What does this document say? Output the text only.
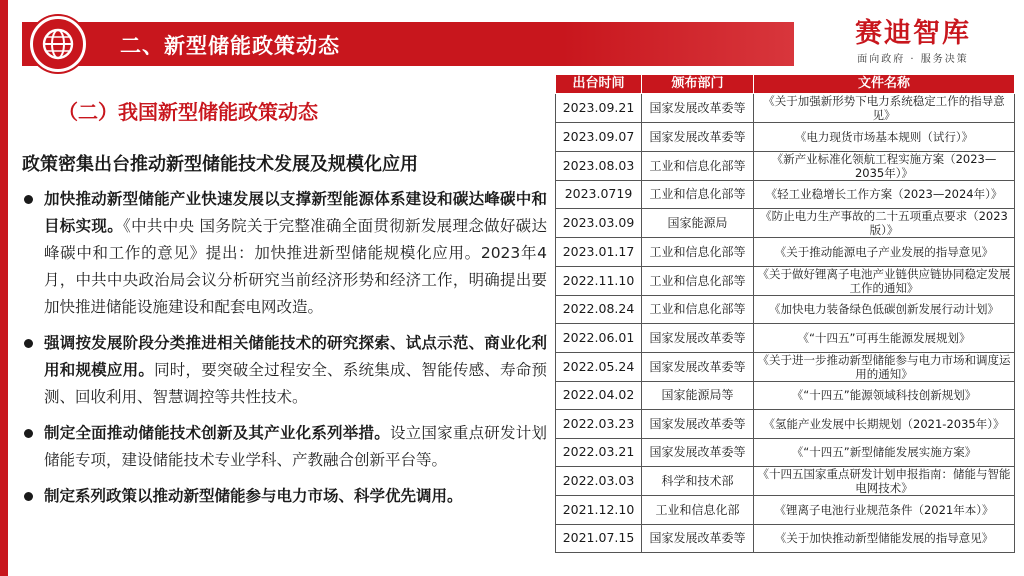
二、新型储能政策动态	赛迪智库
面向政府 · 服务决策
（二）我国新型储能政策动态
政策密集出台推动新型储能技术发展及规模化应用
加快推动新型储能产业快速发展以支撑新型能源体系建设和碳达峰碳中和目标实现。《中共中央 国务院关于完整准确全面贯彻新发展理念做好碳达峰碳中和工作的意见》提出：加快推进新型储能规模化应用。2023年4月，中共中央政治局会议分析研究当前经济形势和经济工作，明确提出要加快推进储能设施建设和配套电网改造。
强调按发展阶段分类推进相关储能技术的研究探索、试点示范、商业化利用和规模应用。同时，要突破全过程安全、系统集成、智能传感、寿命预测、回收利用、智慧调控等共性技术。
制定全面推动储能技术创新及其产业化系列举措。设立国家重点研发计划储能专项，建设储能技术专业学科、产教融合创新平台等。
制定系列政策以推动新型储能参与电力市场、科学优先调用。
出台时间	颁布部门	文件名称
2023.09.21	国家发展改革委等	《关于加强新形势下电力系统稳定工作的指导意见》
2023.09.07	国家发展改革委等	《电力现货市场基本规则（试行）》
2023.08.03	工业和信息化部等	《新产业标准化领航工程实施方案（2023—2035年）》
2023.0719	工业和信息化部等	《轻工业稳增长工作方案（2023—2024年）》
2023.03.09	国家能源局	《防止电力生产事故的二十五项重点要求（2023版）》
2023.01.17	工业和信息化部等	《关于推动能源电子产业发展的指导意见》
2022.11.10	工业和信息化部等	《关于做好锂离子电池产业链供应链协同稳定发展工作的通知》
2022.08.24	工业和信息化部等	《加快电力装备绿色低碳创新发展行动计划》
2022.06.01	国家发展改革委等	《“十四五”可再生能源发展规划》
2022.05.24	国家发展改革委等	《关于进一步推动新型储能参与电力市场和调度运用的通知》
2022.04.02	国家能源局等	《“十四五”能源领域科技创新规划》
2022.03.23	国家发展改革委等	《氢能产业发展中长期规划（2021-2035年）》
2022.03.21	国家发展改革委等	《“十四五”新型储能发展实施方案》
2022.03.03	科学和技术部	《十四五国家重点研发计划申报指南：储能与智能电网技术》
2021.12.10	工业和信息化部	《锂离子电池行业规范条件（2021年本）》
2021.07.15	国家发展改革委等	《关于加快推动新型储能发展的指导意见》
